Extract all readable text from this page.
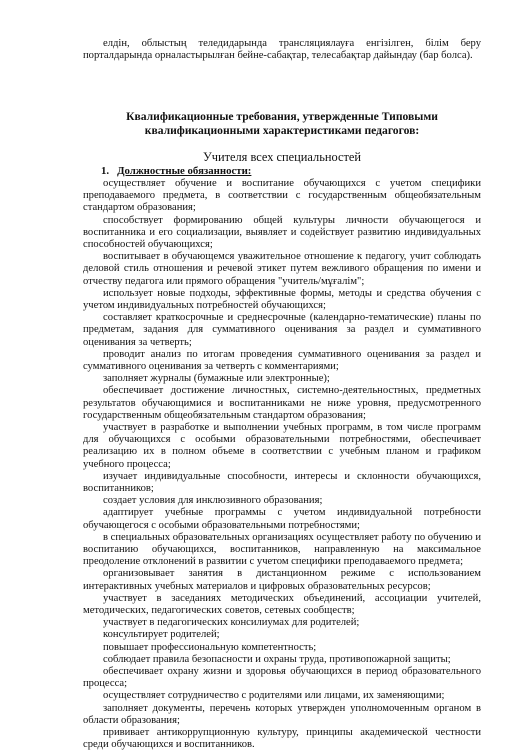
елдін, облыстың теледидарында трансляциялауға енгізілген, білім беру порталдарында орналастырылған бейне-сабақтар, телесабақтар дайындау (бар болса).

Квалификационные требования, утвержденные Типовыми квалификационными характеристиками педагогов:
Учителя всех специальностей
1. Должностные обязанности:

осуществляет обучение и воспитание обучающихся с учетом специфики преподаваемого предмета, в соответствии с государственным общеобязательным стандартом образования;

способствует формированию общей культуры личности обучающегося и воспитанника и его социализации, выявляет и содействует развитию индивидуальных способностей обучающихся;

воспитывает в обучающемся уважительное отношение к педагогу, учит соблюдать деловой стиль отношения и речевой этикет путем вежливого обращения по имени и отчеству педагога или прямого обращения "учитель/мұғалім";

использует новые подходы, эффективные формы, методы и средства обучения с учетом индивидуальных потребностей обучающихся;

составляет краткосрочные и среднесрочные (календарно-тематические) планы по предметам, задания для суммативного оценивания за раздел и суммативного оценивания за четверть;

проводит анализ по итогам проведения суммативного оценивания за раздел и суммативного оценивания за четверть с комментариями;

заполняет журналы (бумажные или электронные);

обеспечивает достижение личностных, системно-деятельностных, предметных результатов обучающимися и воспитанниками не ниже уровня, предусмотренного государственным общеобязательным стандартом образования;

участвует в разработке и выполнении учебных программ, в том числе программ для обучающихся с особыми образовательными потребностями, обеспечивает реализацию их в полном объеме в соответствии с учебным планом и графиком учебного процесса;

изучает индивидуальные способности, интересы и склонности обучающихся, воспитанников;

создает условия для инклюзивного образования;

адаптирует учебные программы с учетом индивидуальной потребности обучающегося с особыми образовательными потребностями;

в специальных образовательных организациях осуществляет работу по обучению и воспитанию обучающихся, воспитанников, направленную на максимальное преодоление отклонений в развитии с учетом специфики преподаваемого предмета;

организовывает занятия в дистанционном режиме с использованием интерактивных учебных материалов и цифровых образовательных ресурсов;

участвует в заседаниях методических объединений, ассоциации учителей, методических, педагогических советов, сетевых сообществ;

участвует в педагогических консилиумах для родителей;

консультирует родителей;

повышает профессиональную компетентность;

соблюдает правила безопасности и охраны труда, противопожарной защиты;

обеспечивает охрану жизни и здоровья обучающихся в период образовательного процесса;

осуществляет сотрудничество с родителями или лицами, их заменяющими;

заполняет документы, перечень которых утвержден уполномоченным органом в области образования;

прививает антикоррупционную культуру, принципы академической честности среди обучающихся и воспитанников.
